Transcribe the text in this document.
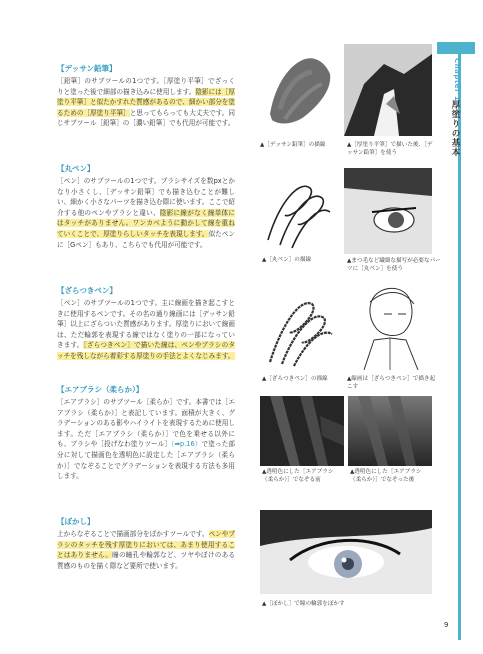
Chapter 1
厚塗りの基本
【デッサン鉛筆】
［鉛筆］のサブツールの1つです。［厚塗り平筆］でざっくりと塗った後で細部の描き込みに使用します。陰影には［厚塗り平筆］と似たかすれた質感があるので、細かい部分を塗るための［厚塗り平筆］と思ってもらっても大丈夫です。同じサブツール［鉛筆］の［濃い鉛筆］でも代用が可能です。
【丸ペン】
［ペン］のサブツールの1つです。ブラシサイズを数pxとかなり小さくし、［デッサン鉛筆］でも描き込むことが難しい、細かく小さなパーツを描き込む際に使います。ここで紹介する他のペンやブラシと違い、陰影に線がなく線単体にはタッチがありません。ワンカベように動かして線を重ねていくことで、厚塗りらしいタッチを表現します。似たペンに［Gペン］もあり、こちらでも代用が可能です。
【ざらつきペン】
［ペン］のサブツールの1つです。主に線画を描き起こすときに使用するペンです。その名の通り線画には［デッサン鉛筆］以上にざらついた質感があります。厚塗りにおいて線画は、ただ輪郭を表現する線ではなく塗りの一部になっていきます。［ざらつきペン］で描いた線は、ペンやブラシのタッチを残しながら着彩する厚塗りの手法とよくなじみます。
【エアブラシ（柔らか）】
［エアブラシ］のサブツール［柔らか］です。本書では［エアブラシ（柔らか）］と表記しています。面積が大きく、グラデーションのある影やハイライトを表現するために使用します。ただ［エアブラシ（柔らか）］で色を乗せる以外にも、ブラシや［投げなわ塗りツール］（➡p.16）で塗った部分に対して描画色を透明色に設定した［エアブラシ（柔らか）］でなぞることでグラデーションを表現する方法も多用します。
【ぼかし】
上からなぞることで描画部分をぼかすツールです。ペンやブラシのタッチを残す厚塗りにおいては、あまり使用することはありません。瞳の瞳孔や輪郭など、ツヤやぼけのある質感のものを描く際など要所で使います。
▲［デッサン鉛筆］の描線	▲［厚塗り平筆］で描いた後、［デッサン鉛筆］を使う
▲［丸ペン］の描線	▲まつ毛など繊細な描写が必要なパーツに［丸ペン］を使う
▲［ざらつきペン］の描線	▲線画は［ざらつきペン］で描き起こす
▲透明色にした［エアブラシ（柔らか）］でなぞる前
▲透明色にした［エアブラシ（柔らか）］でなぞった後
▲［ぼかし］で瞳の輪郭をぼかす
9
